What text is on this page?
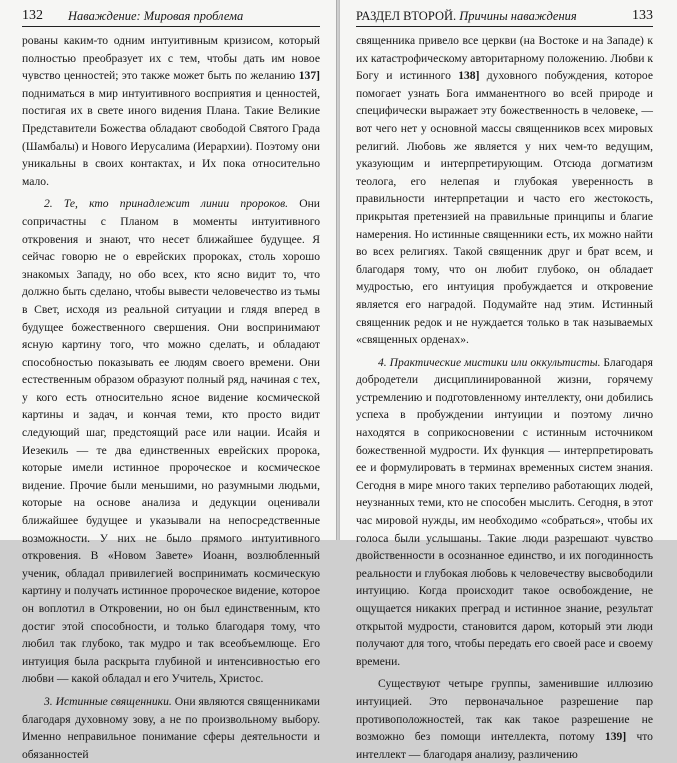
132 Наваждение: Мировая проблема

рованы каким-то одним интуитивным кризисом, который полностью преобразует их с тем, чтобы дать им новое чувство ценностей; это также может быть по желанию 137] подниматься в мир интуитивного восприятия и ценностей, постигая их в свете иного видения Плана. Такие Великие Представители Божества обладают свободой Святого Града (Шамбалы) и Нового Иерусалима (Иерархии). Поэтому они уникальны в своих контактах, и Их пока относительно мало.

2. Те, кто принадлежит линии пророков. Они сопричастны с Планом в моменты интуитивного откровения и знают, что несет ближайшее будущее. Я сейчас говорю не о еврейских пророках, столь хорошо знакомых Западу, но обо всех, кто ясно видит то, что должно быть сделано, чтобы вывести человечество из тьмы в Свет, исходя из реальной ситуации и глядя вперед в будущее божественного свершения. Они воспринимают ясную картину того, что можно сделать, и обладают способностью показывать ее людям своего времени. Они естественным образом образуют полный ряд, начиная с тех, у кого есть относительно ясное видение космической картины и задач, и кончая теми, кто просто видит следующий шаг, предстоящий расе или нации. Исайя и Иезекиль — те два единственных еврейских пророка, которые имели истинное пророческое и космическое видение. Прочие были меньшими, но разумными людьми, которые на основе анализа и дедукции оценивали ближайшее будущее и указывали на непосредственные возможности. У них не было прямого интуитивного откровения. В «Новом Завете» Иоанн, возлюбленный ученик, обладал привилегией воспринимать космическую картину и получать истинное пророческое видение, которое он воплотил в Откровении, но он был единственным, кто достиг этой способности, и только благодаря тому, что любил так глубоко, так мудро и так всеобъемлюще. Его интуиция была раскрыта глубиной и интенсивностью его любви — какой обладал и его Учитель, Христос.

3. Истинные священники. Они являются священниками благодаря духовному зову, а не по произвольному выбору. Именно неправильное понимание сферы деятельности и обязанностей

РАЗДЕЛ ВТОРОЙ. Причины наваждения	133

священника привело все церкви (на Востоке и на Западе) к их катастрофическому авторитарному положению. Любви к Богу и истинного 138] духовного побуждения, которое помогает узнать Бога имманентного во всей природе и специфически выражает эту божественность в человеке, — вот чего нет у основной массы священников всех мировых религий. Любовь же является у них чем-то ведущим, указующим и интерпретирующим. Отсюда догматизм теолога, его нелепая и глубокая уверенность в правильности интерпретации и часто его жестокость, прикрытая претензией на правильные принципы и благие намерения. Но истинные священники есть, их можно найти во всех религиях. Такой священник друг и брат всем, и благодаря тому, что он любит глубоко, он обладает мудростью, его интуиция пробуждается и откровение является его наградой. Подумайте над этим. Истинный священник редок и не нуждается только в так называемых «священных орденах».

4. Практические мистики или оккультисты. Благодаря добродетели дисциплинированной жизни, горячему устремлению и подготовленному интеллекту, они добились успеха в пробуждении интуиции и поэтому лично находятся в соприкосновении с истинным источником божественной мудрости. Их функция — интерпретировать ее и формулировать в терминах временных систем знания. Сегодня в мире много таких терпеливо работающих людей, неузнанных теми, кто не способен мыслить. Сегодня, в этот час мировой нужды, им необходимо «собраться», чтобы их голоса были услышаны. Такие люди разрешают чувство двойственности в осознанное единство, и их погодинность реальности и глубокая любовь к человечеству высвободили интуицию. Когда происходит такое освобождение, не ощущается никаких преград и истинное знание, результат открытой мудрости, становится даром, который эти люди получают для того, чтобы передать его своей расе и своему времени.

Существуют четыре группы, заменившие иллюзию интуицией. Это первоначальное разрешение пар противоположностей, так как такое разрешение не возможно без помощи интеллекта, потому 139] что интеллект — благодаря анализу, различению
